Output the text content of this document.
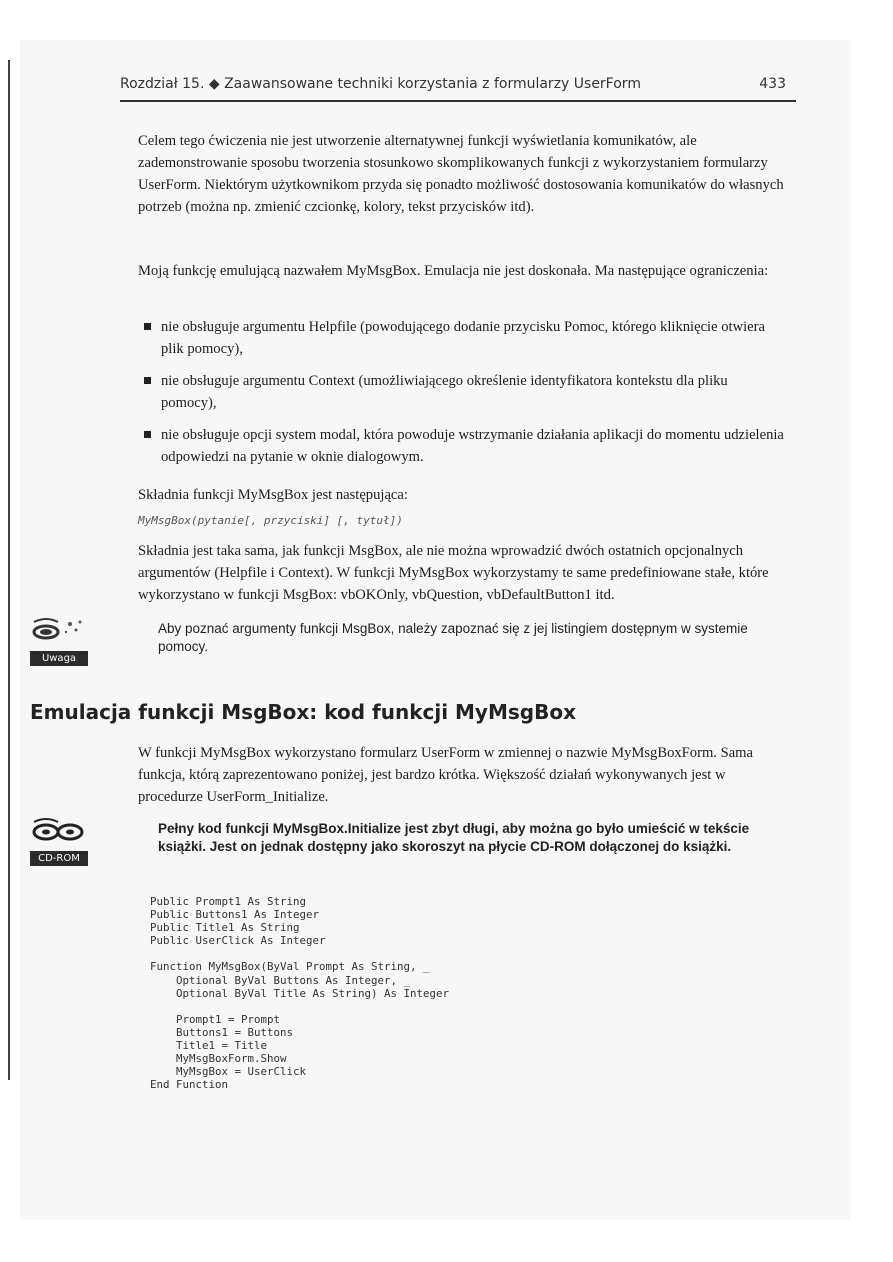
Rozdział 15. ◆ Zaawansowane techniki korzystania z formularzy UserForm	433

Celem tego ćwiczenia nie jest utworzenie alternatywnej funkcji wyświetlania komunikatów, ale zademonstrowanie sposobu tworzenia stosunkowo skomplikowanych funkcji z wykorzystaniem formularzy UserForm. Niektórym użytkownikom przyda się ponadto możliwość dostosowania komunikatów do własnych potrzeb (można np. zmienić czcionkę, kolory, tekst przycisków itd).

Moją funkcję emulującą nazwałem MyMsgBox. Emulacja nie jest doskonała. Ma następujące ograniczenia:

nie obsługuje argumentu Helpfile (powodującego dodanie przycisku Pomoc, którego kliknięcie otwiera plik pomocy),
nie obsługuje argumentu Context (umożliwiającego określenie identyfikatora kontekstu dla pliku pomocy),
nie obsługuje opcji system modal, która powoduje wstrzymanie działania aplikacji do momentu udzielenia odpowiedzi na pytanie w oknie dialogowym.

Składnia funkcji MyMsgBox jest następująca:

MyMsgBox(pytanie[, przyciski] [, tytuł])

Składnia jest taka sama, jak funkcji MsgBox, ale nie można wprowadzić dwóch ostatnich opcjonalnych argumentów (Helpfile i Context). W funkcji MyMsgBox wykorzystamy te same predefiniowane stałe, które wykorzystano w funkcji MsgBox: vbOKOnly, vbQuestion, vbDefaultButton1 itd.

Uwaga
Aby poznać argumenty funkcji MsgBox, należy zapoznać się z jej listingiem dostępnym w systemie pomocy.
Emulacja funkcji MsgBox: kod funkcji MyMsgBox

W funkcji MyMsgBox wykorzystano formularz UserForm w zmiennej o nazwie MyMsgBoxForm. Sama funkcja, którą zaprezentowano poniżej, jest bardzo krótka. Większość działań wykonywanych jest w procedurze UserForm_Initialize.

CD-ROM
Pełny kod funkcji MyMsgBox.Initialize jest zbyt długi, aby można go było umieścić w tekście książki. Jest on jednak dostępny jako skoroszyt na płycie CD-ROM dołączonej do książki.
Public Prompt1 As String
Public Buttons1 As Integer
Public Title1 As String
Public UserClick As Integer

Function MyMsgBox(ByVal Prompt As String, _
Optional ByVal Buttons As Integer, _
Optional ByVal Title As String) As Integer

Prompt1 = Prompt
Buttons1 = Buttons
Title1 = Title
MyMsgBoxForm.Show
MyMsgBox = UserClick
End Function
